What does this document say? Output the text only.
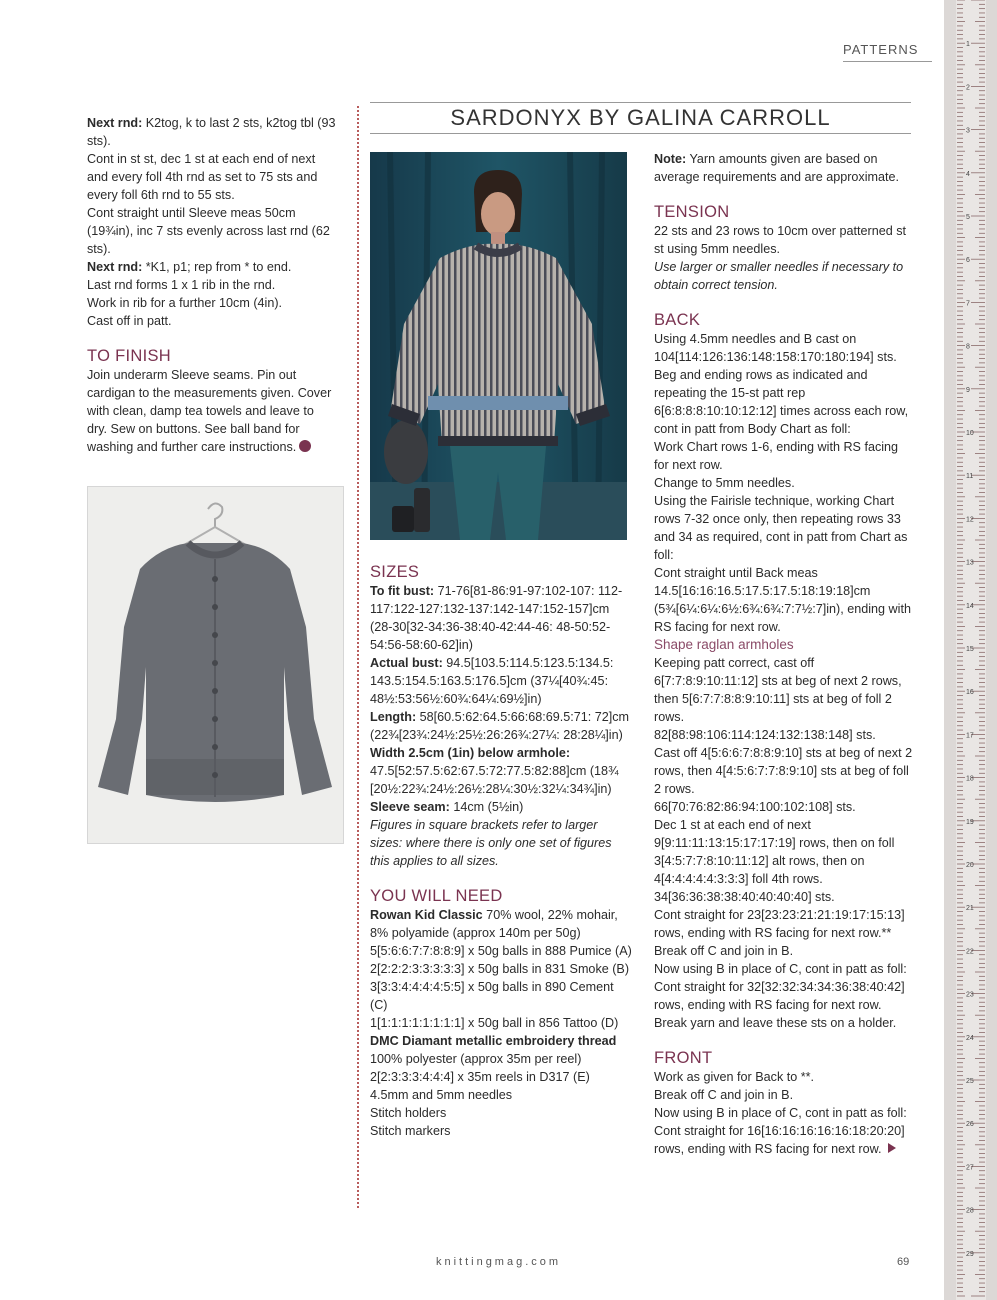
PATTERNS

Next rnd: K2tog, k to last 2 sts, k2tog tbl (93 sts).

Cont in st st, dec 1 st at each end of next and every foll 4th rnd as set to 75 sts and every foll 6th rnd to 55 sts.

Cont straight until Sleeve meas 50cm (19¾in), inc 7 sts evenly across last rnd (62 sts).

Next rnd: *K1, p1; rep from * to end.

Last rnd forms 1 x 1 rib in the rnd.

Work in rib for a further 10cm (4in).

Cast off in patt.

TO FINISH

Join underarm Sleeve seams. Pin out cardigan to the measurements given. Cover with clean, damp tea towels and leave to dry. Sew on buttons. See ball band for washing and further care instructions.

SARDONYX BY GALINA CARROLL
SIZES

To fit bust: 71-76[81-86:91-97:102-107: 112-117:122-127:132-137:142-147:152-157]cm (28-30[32-34:36-38:40-42:44-46: 48-50:52-54:56-58:60-62]in)

Actual bust: 94.5[103.5:114.5:123.5:134.5: 143.5:154.5:163.5:176.5]cm (37¼[40¾:45: 48½:53:56½:60¾:64¼:69½]in)

Length: 58[60.5:62:64.5:66:68:69.5:71: 72]cm (22¾[23¾:24½:25½:26:26¾:27¼: 28:28¼]in)

Width 2.5cm (1in) below armhole: 47.5[52:57.5:62:67.5:72:77.5:82:88]cm (18¾ [20½:22¾:24½:26½:28¼:30½:32¼:34¾]in)

Sleeve seam: 14cm (5½in)

Figures in square brackets refer to larger sizes: where there is only one set of figures this applies to all sizes.

YOU WILL NEED

Rowan Kid Classic 70% wool, 22% mohair, 8% polyamide (approx 140m per 50g)

5[5:6:6:7:7:8:8:9] x 50g balls in 888 Pumice (A)

2[2:2:2:3:3:3:3:3] x 50g balls in 831 Smoke (B)

3[3:3:4:4:4:4:5:5] x 50g balls in 890 Cement (C)

1[1:1:1:1:1:1:1:1] x 50g ball in 856 Tattoo (D)

DMC Diamant metallic embroidery thread 100% polyester (approx 35m per reel)

2[2:3:3:3:4:4:4] x 35m reels in D317 (E)

4.5mm and 5mm needles

Stitch holders

Stitch markers

Note: Yarn amounts given are based on average requirements and are approximate.

TENSION

22 sts and 23 rows to 10cm over patterned st st using 5mm needles.

Use larger or smaller needles if necessary to obtain correct tension.

BACK

Using 4.5mm needles and B cast on 104[114:126:136:148:158:170:180:194] sts.

Beg and ending rows as indicated and repeating the 15-st patt rep 6[6:8:8:8:10:10:12:12] times across each row, cont in patt from Body Chart as foll:

Work Chart rows 1-6, ending with RS facing for next row.

Change to 5mm needles.

Using the Fairisle technique, working Chart rows 7-32 once only, then repeating rows 33 and 34 as required, cont in patt from Chart as foll:

Cont straight until Back meas 14.5[16:16:16.5:17.5:17.5:18:19:18]cm (5¾[6¼:6¼:6½:6¾:6¾:7:7½:7]in), ending with RS facing for next row.

Shape raglan armholes

Keeping patt correct, cast off 6[7:7:8:9:10:11:12] sts at beg of next 2 rows, then 5[6:7:7:8:8:9:10:11] sts at beg of foll 2 rows.

82[88:98:106:114:124:132:138:148] sts.

Cast off 4[5:6:6:7:8:8:9:10] sts at beg of next 2 rows, then 4[4:5:6:7:7:8:9:10] sts at beg of foll 2 rows.

66[70:76:82:86:94:100:102:108] sts.

Dec 1 st at each end of next 9[9:11:11:13:15:17:17:19] rows, then on foll 3[4:5:7:7:8:10:11:12] alt rows, then on 4[4:4:4:4:4:3:3:3] foll 4th rows.

34[36:36:38:38:40:40:40:40] sts.

Cont straight for 23[23:23:21:21:19:17:15:13] rows, ending with RS facing for next row.**

Break off C and join in B.

Now using B in place of C, cont in patt as foll:

Cont straight for 32[32:32:34:34:36:38:40:42] rows, ending with RS facing for next row.

Break yarn and leave these sts on a holder.

FRONT

Work as given for Back to **.

Break off C and join in B.

Now using B in place of C, cont in patt as foll:

Cont straight for 16[16:16:16:16:16:18:20:20] rows, ending with RS facing for next row.

knittingmag.com	69
1
2
3
4
5
6
7
8
9
10
11
12
13
14
15
16
17
18
19
20
21
22
23
24
25
26
27
28
29
